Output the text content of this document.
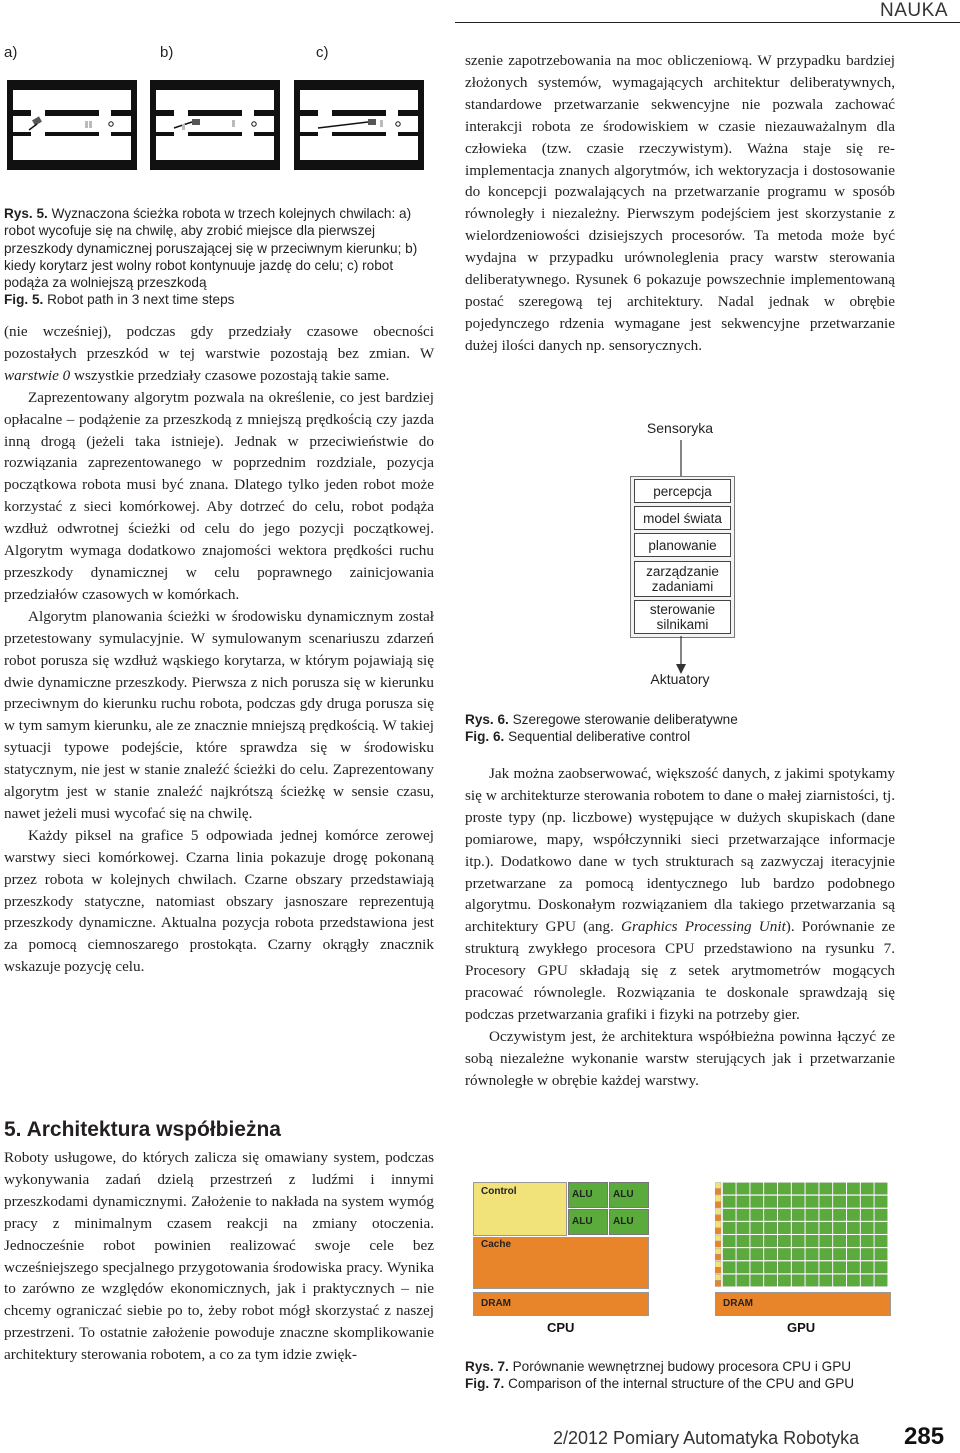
NAUKA
a)	b)	c)
Rys. 5. Wyznaczona ścieżka robota w trzech kolejnych chwilach: a) robot wycofuje się na chwilę, aby zrobić miejsce dla pierwszej przeszkody dynamicznej poruszającej się w przeciwnym kierunku; b) kiedy korytarz jest wolny robot kontynuuje jazdę do celu; c) robot podąża za wolniejszą przeszkodą
Fig. 5. Robot path in 3 next time steps

(nie wcześniej), podczas gdy przedziały czasowe obecności pozostałych przeszkód w tej warstwie pozostają bez zmian. W warstwie 0 wszystkie przedziały czasowe pozostają takie same.

Zaprezentowany algorytm pozwala na określenie, co jest bardziej opłacalne – podążenie za przeszkodą z mniejszą prędkością czy jazda inną drogą (jeżeli taka istnieje). Jednak w przeciwieństwie do rozwiązania zaprezentowanego w poprzednim rozdziale, pozycja początkowa robota musi być znana. Dlatego tylko jeden robot może korzystać z sieci komórkowej. Aby dotrzeć do celu, robot podąża wzdłuż odwrotnej ścieżki od celu do jego pozycji początkowej. Algorytm wymaga dodatkowo znajomości wektora prędkości ruchu przeszkody dynamicznej w celu poprawnego zainicjowania przedziałów czasowych w komórkach.

Algorytm planowania ścieżki w środowisku dynamicznym został przetestowany symulacyjnie. W symulowanym scenariuszu zdarzeń robot porusza się wzdłuż wąskiego korytarza, w którym pojawiają się dwie dynamiczne przeszkody. Pierwsza z nich porusza się w kierunku przeciwnym do kierunku ruchu robota, podczas gdy druga porusza się w tym samym kierunku, ale ze znacznie mniejszą prędkością. W takiej sytuacji typowe podejście, które sprawdza się w środowisku statycznym, nie jest w stanie znaleźć ścieżki do celu. Zaprezentowany algorytm jest w stanie znaleźć najkrótszą ścieżkę w sensie czasu, nawet jeżeli musi wycofać się na chwilę.

Każdy piksel na grafice 5 odpowiada jednej komórce zerowej warstwy sieci komórkowej. Czarna linia pokazuje drogę pokonaną przez robota w kolejnych chwilach. Czarne obszary przedstawiają przeszkody statyczne, natomiast obszary jasnoszare reprezentują przeszkody dynamiczne. Aktualna pozycja robota przedstawiona jest za pomocą ciemnoszarego prostokąta. Czarny okrągły znacznik wskazuje pozycję celu.

5. Architektura współbieżna

Roboty usługowe, do których zalicza się omawiany system, podczas wykonywania zadań dzielą przestrzeń z ludźmi i innymi przeszkodami dynamicznymi. Założenie to nakłada na system wymóg pracy z minimalnym czasem reakcji na zmiany otoczenia. Jednocześnie robot powinien realizować swoje cele bez wcześniejszego specjalnego przygotowania środowiska pracy. Wynika to zarówno ze względów ekonomicznych, jak i praktycznych – nie chcemy ograniczać siebie po to, żeby robot mógł skorzystać z naszej przestrzeni. To ostatnie założenie powoduje znaczne skomplikowanie architektury sterowania robotem, a co za tym idzie zwięk-

szenie zapotrzebowania na moc obliczeniową. W przypadku bardziej złożonych systemów, wymagających architektur deliberatywnych, standardowe przetwarzanie sekwencyjne nie pozwala zachować interakcji robota ze środowiskiem w czasie niezauważalnym dla człowieka (tzw. czasie rzeczywistym). Ważna staje się re-implementacja znanych algorytmów, ich wektoryzacja i dostosowanie do koncepcji pozwalających na przetwarzanie programu w sposób równoległy i niezależny. Pierwszym podejściem jest skorzystanie z wielordzeniowości dzisiejszych procesorów. Ta metoda może być wydajna w przypadku urównoleglenia pracy warstw sterowania deliberatywnego. Rysunek 6 pokazuje powszechnie implementowaną postać szeregową tej architektury. Nadal jednak w obrębie pojedynczego rdzenia wymagane jest sekwencyjne przetwarzanie dużej ilości danych np. sensorycznych.

Sensoryka
percepcja
model świata
planowanie
zarządzanie zadaniami
sterowanie silnikami
Aktuatory
Rys. 6. Szeregowe sterowanie deliberatywne
Fig. 6. Sequential deliberative control

Jak można zaobserwować, większość danych, z jakimi spotykamy się w architekturze sterowania robotem to dane o małej ziarnistości, tj. proste typy (np. liczbowe) występujące w dużych skupiskach (dane pomiarowe, mapy, współczynniki sieci przetwarzające informacje itp.). Dodatkowo dane w tych strukturach są zazwyczaj iteracyjnie przetwarzane za pomocą identycznego lub bardzo podobnego algorytmu. Doskonałym rozwiązaniem dla takiego przetwarzania są architektury GPU (ang. Graphics Processing Unit). Porównanie ze strukturą zwykłego procesora CPU przedstawiono na rysunku 7. Procesory GPU składają się z setek arytmometrów mogących pracować równolegle. Rozwiązania te doskonale sprawdzają się podczas przetwarzania grafiki i fizyki na potrzeby gier.

Oczywistym jest, że architektura współbieżna powinna łączyć ze sobą niezależne wykonanie warstw sterujących jak i przetwarzanie równoległe w obrębie każdej warstwy.

Control	ALU ALU
ALU ALU
Cache
DRAM
CPU
DRAM
GPU
Rys. 7. Porównanie wewnętrznej budowy procesora CPU i GPU
Fig. 7. Comparison of the internal structure of the CPU and GPU
2/2012 Pomiary Automatyka Robotyka 285
